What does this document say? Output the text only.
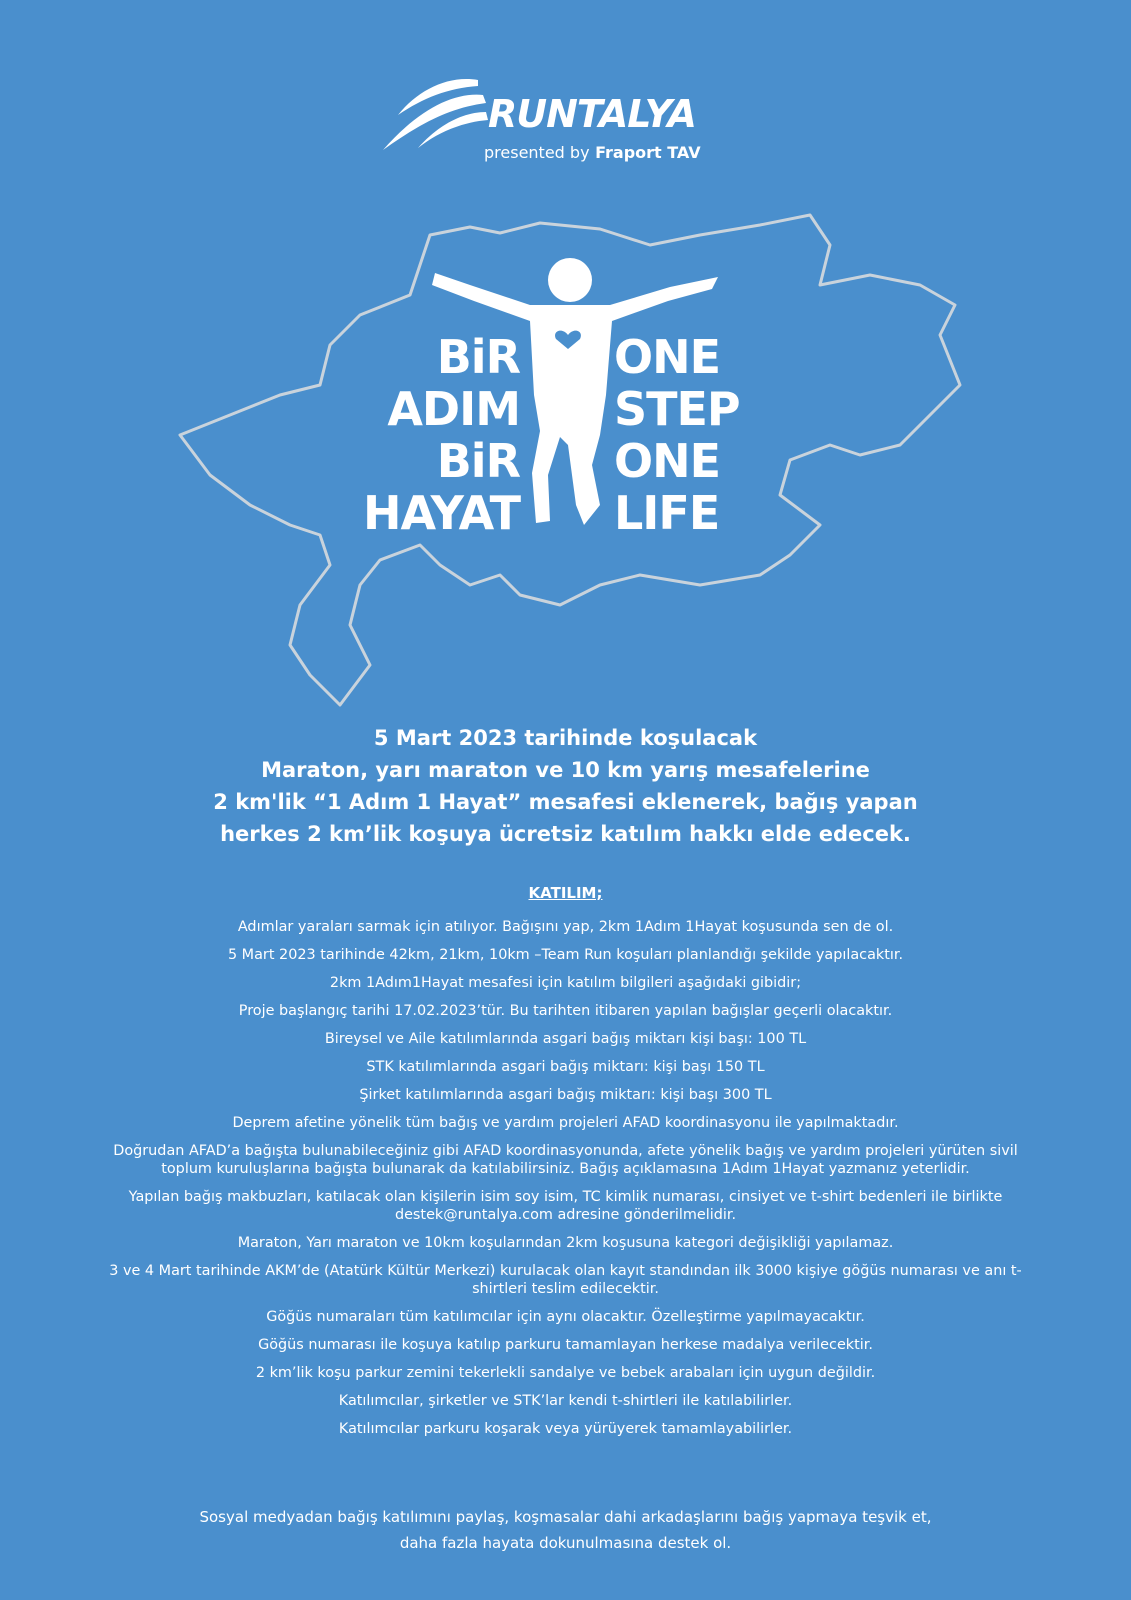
RUNTALYA
presented by Fraport TAV
BiR
ADIM
BiR
HAYAT
ONE
STEP
ONE
LIFE
5 Mart 2023 tarihinde koşulacak
Maraton, yarı maraton ve 10 km yarış mesafelerine
2 km'lik “1 Adım 1 Hayat” mesafesi eklenerek, bağış yapan
herkes 2 km’lik koşuya ücretsiz katılım hakkı elde edecek.
KATILIM;
Adımlar yaraları sarmak için atılıyor. Bağışını yap, 2km 1Adım 1Hayat koşusunda sen de ol.
5 Mart 2023 tarihinde 42km, 21km, 10km –Team Run koşuları planlandığı şekilde yapılacaktır.
2km 1Adım1Hayat mesafesi için katılım bilgileri aşağıdaki gibidir;
Proje başlangıç tarihi 17.02.2023’tür. Bu tarihten itibaren yapılan bağışlar geçerli olacaktır.
Bireysel ve Aile katılımlarında asgari bağış miktarı kişi başı: 100 TL
STK katılımlarında asgari bağış miktarı: kişi başı 150 TL
Şirket katılımlarında asgari bağış miktarı: kişi başı 300 TL
Deprem afetine yönelik tüm bağış ve yardım projeleri AFAD koordinasyonu ile yapılmaktadır.
Doğrudan AFAD’a bağışta bulunabileceğiniz gibi AFAD koordinasyonunda, afete yönelik bağış ve yardım projeleri yürüten sivil toplum kuruluşlarına bağışta bulunarak da katılabilirsiniz. Bağış açıklamasına 1Adım 1Hayat yazmanız yeterlidir.
Yapılan bağış makbuzları, katılacak olan kişilerin isim soy isim, TC kimlik numarası, cinsiyet ve t-shirt bedenleri ile birlikte destek@runtalya.com adresine gönderilmelidir.
Maraton, Yarı maraton ve 10km koşularından 2km koşusuna kategori değişikliği yapılamaz.
3 ve 4 Mart tarihinde AKM’de (Atatürk Kültür Merkezi) kurulacak olan kayıt standından ilk 3000 kişiye göğüs numarası ve anı t-shirtleri teslim edilecektir.
Göğüs numaraları tüm katılımcılar için aynı olacaktır. Özelleştirme yapılmayacaktır.
Göğüs numarası ile koşuya katılıp parkuru tamamlayan herkese madalya verilecektir.
2 km’lik koşu parkur zemini tekerlekli sandalye ve bebek arabaları için uygun değildir.
Katılımcılar, şirketler ve STK’lar kendi t-shirtleri ile katılabilirler.
Katılımcılar parkuru koşarak veya yürüyerek tamamlayabilirler.
Sosyal medyadan bağış katılımını paylaş, koşmasalar dahi arkadaşlarını bağış yapmaya teşvik et,
daha fazla hayata dokunulmasına destek ol.
